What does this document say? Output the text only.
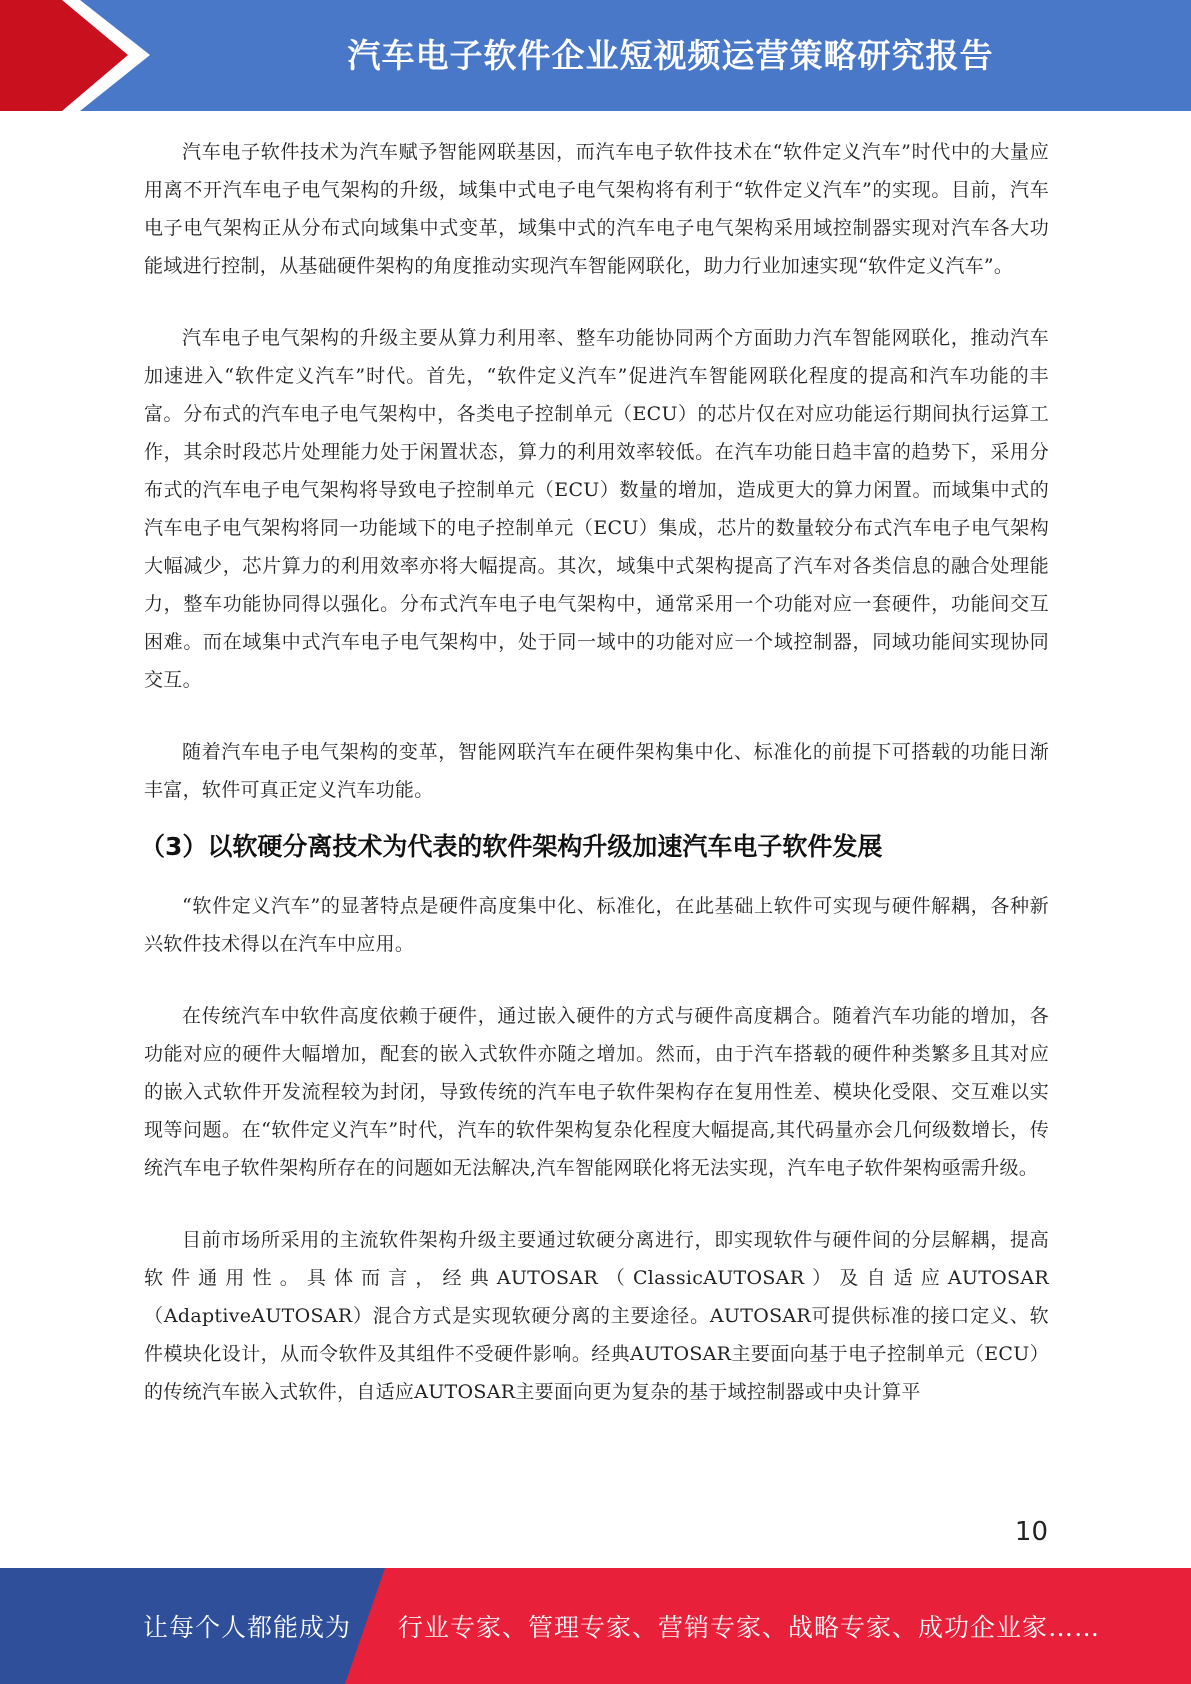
汽车电子软件企业短视频运营策略研究报告

汽车电子软件技术为汽车赋予智能网联基因，而汽车电子软件技术在“软件定义汽车”时代中的大量应用离不开汽车电子电气架构的升级，域集中式电子电气架构将有利于“软件定义汽车”的实现。目前，汽车电子电气架构正从分布式向域集中式变革，域集中式的汽车电子电气架构采用域控制器实现对汽车各大功能域进行控制，从基础硬件架构的角度推动实现汽车智能网联化，助力行业加速实现“软件定义汽车”。

汽车电子电气架构的升级主要从算力利用率、整车功能协同两个方面助力汽车智能网联化，推动汽车加速进入“软件定义汽车”时代。首先，“软件定义汽车”促进汽车智能网联化程度的提高和汽车功能的丰富。分布式的汽车电子电气架构中，各类电子控制单元（ECU）的芯片仅在对应功能运行期间执行运算工作，其余时段芯片处理能力处于闲置状态，算力的利用效率较低。在汽车功能日趋丰富的趋势下，采用分布式的汽车电子电气架构将导致电子控制单元（ECU）数量的增加，造成更大的算力闲置。而域集中式的汽车电子电气架构将同一功能域下的电子控制单元（ECU）集成，芯片的数量较分布式汽车电子电气架构大幅减少，芯片算力的利用效率亦将大幅提高。其次，域集中式架构提高了汽车对各类信息的融合处理能力，整车功能协同得以强化。分布式汽车电子电气架构中，通常采用一个功能对应一套硬件，功能间交互困难。而在域集中式汽车电子电气架构中，处于同一域中的功能对应一个域控制器，同域功能间实现协同交互。

随着汽车电子电气架构的变革，智能网联汽车在硬件架构集中化、标准化的前提下可搭载的功能日渐丰富，软件可真正定义汽车功能。

（3）以软硬分离技术为代表的软件架构升级加速汽车电子软件发展

“软件定义汽车”的显著特点是硬件高度集中化、标准化，在此基础上软件可实现与硬件解耦，各种新兴软件技术得以在汽车中应用。

在传统汽车中软件高度依赖于硬件，通过嵌入硬件的方式与硬件高度耦合。随着汽车功能的增加，各功能对应的硬件大幅增加，配套的嵌入式软件亦随之增加。然而，由于汽车搭载的硬件种类繁多且其对应的嵌入式软件开发流程较为封闭，导致传统的汽车电子软件架构存在复用性差、模块化受限、交互难以实现等问题。在“软件定义汽车”时代，汽车的软件架构复杂化程度大幅提高,其代码量亦会几何级数增长，传统汽车电子软件架构所存在的问题如无法解决,汽车智能网联化将无法实现，汽车电子软件架构亟需升级。

目前市场所采用的主流软件架构升级主要通过软硬分离进行，即实现软件与硬件间的分层解耦，提高软件通用性。具体而言，经典AUTOSAR（ClassicAUTOSAR）及自适应AUTOSAR（AdaptiveAUTOSAR）混合方式是实现软硬分离的主要途径。AUTOSAR可提供标准的接口定义、软件模块化设计，从而令软件及其组件不受硬件影响。经典AUTOSAR主要面向基于电子控制单元（ECU）的传统汽车嵌入式软件，自适应AUTOSAR主要面向更为复杂的基于域控制器或中央计算平

10
让每个人都能成为 行业专家、管理专家、营销专家、战略专家、成功企业家……
